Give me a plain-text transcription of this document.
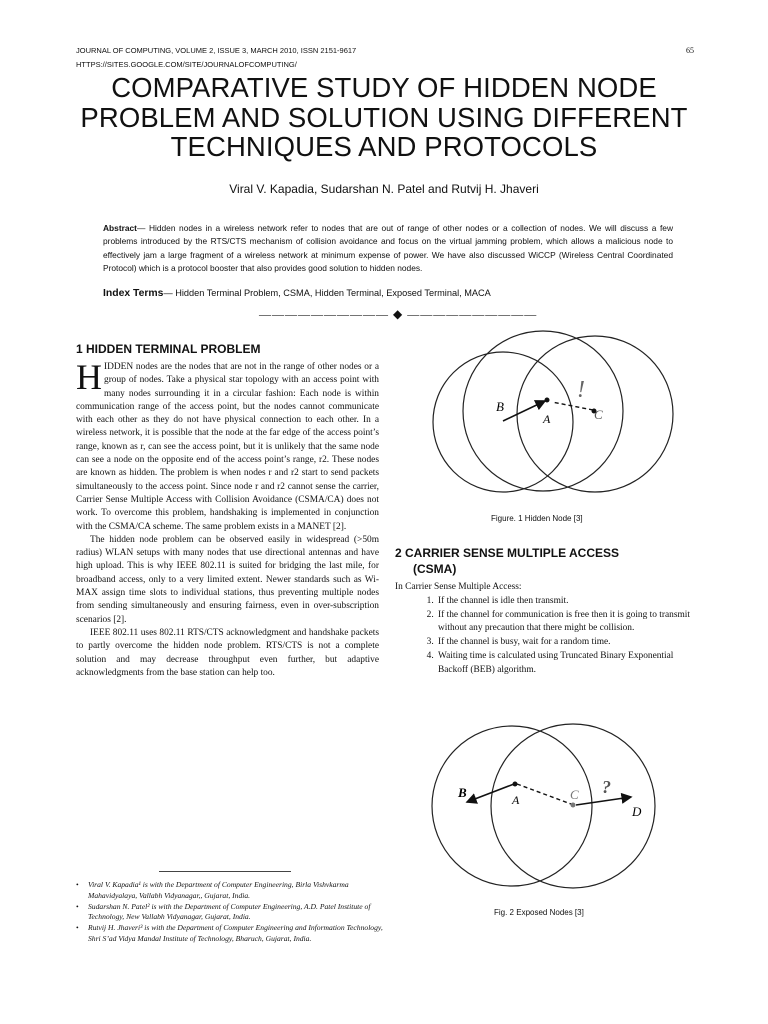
JOURNAL OF COMPUTING, VOLUME 2, ISSUE 3, MARCH 2010, ISSN 2151-9617
HTTPS://SITES.GOOGLE.COM/SITE/JOURNALOFCOMPUTING/
65
COMPARATIVE STUDY OF HIDDEN NODE
PROBLEM AND SOLUTION USING DIFFERENT
TECHNIQUES AND PROTOCOLS
Viral V. Kapadia, Sudarshan N. Patel and Rutvij H. Jhaveri
Abstract— Hidden nodes in a wireless network refer to nodes that are out of range of other nodes or a collection of nodes. We will discuss a few problems introduced by the RTS/CTS mechanism of collision avoidance and focus on the virtual jamming problem, which allows a malicious node to effectively jam a large fragment of a wireless network at minimum expense of power. We have also discussed WiCCP (Wireless Central Coordinated Protocol) which is a protocol booster that also provides good solution to hidden nodes.
Index Terms— Hidden Terminal Problem, CSMA, Hidden Terminal, Exposed Terminal, MACA
—————————— ◆ ——————————
1 HIDDEN TERMINAL PROBLEM

HIDDEN nodes are the nodes that are not in the range of other nodes or a group of nodes. Take a physical star topology with an access point with many nodes surrounding it in a circular fashion: Each node is within communication range of the access point, but the nodes cannot communicate with each other as they do not have physical connection to each other. In a wireless network, it is possible that the node at the far edge of the access point’s range, known as r, can see the access point, but it is unlikely that the same node can see a node on the opposite end of the access point’s range, r2. These nodes are known as hidden. The problem is when nodes r and r2 start to send packets simultaneously to the access point. Since node r and r2 cannot sense the carrier, Carrier Sense Multiple Access with Collision Avoidance (CSMA/CA) does not work. To overcome this problem, handshaking is implemented in conjunction with the CSMA/CA scheme. The same problem exists in a MANET [2].

The hidden node problem can be observed easily in widespread (>50m radius) WLAN setups with many nodes that use directional antennas and have high upload. This is why IEEE 802.11 is suited for bridging the last mile, for broadband access, only to a very limited extent. Newer standards such as Wi-MAX assign time slots to individual stations, thus preventing multiple nodes from sending simultaneously and ensuring fairness, even in over-subscription scenarios [2].

IEEE 802.11 uses 802.11 RTS/CTS acknowledgment and handshake packets to partly overcome the hidden node problem. RTS/CTS is not a complete solution and may decrease throughput even further, but adaptive acknowledgments from the base station can help too.

B
A	C
!
Figure. 1 Hidden Node [3]
2 CARRIER SENSE MULTIPLE ACCESS
(CSMA)
In Carrier Sense Multiple Access:
1. If the channel is idle then transmit.
2. If the channel for communication is free then it is going to transmit without any precaution that there might be collision.
3. If the channel is busy, wait for a random time.
4. Waiting time is calculated using Truncated Binary Exponential Backoff (BEB) algorithm.
B	A	C
D
?
Fig. 2 Exposed Nodes [3]
• Viral V. Kapadia¹ is with the Department of Computer Engineering, Birla Vishvkarma Mahavidyalaya, Vallabh Vidyanagar,, Gujarat, India.
• Sudarshan N. Patel² is with the Department of Computer Engineering, A.D. Patel Institute of Technology, New Vallabh Vidyanagar, Gujarat, India.
• Rutvij H. Jhaveri³ is with the Department of Computer Engineering and Information Technology, Shri S’ad Vidya Mandal Institute of Technology, Bharuch, Gujarat, India.
